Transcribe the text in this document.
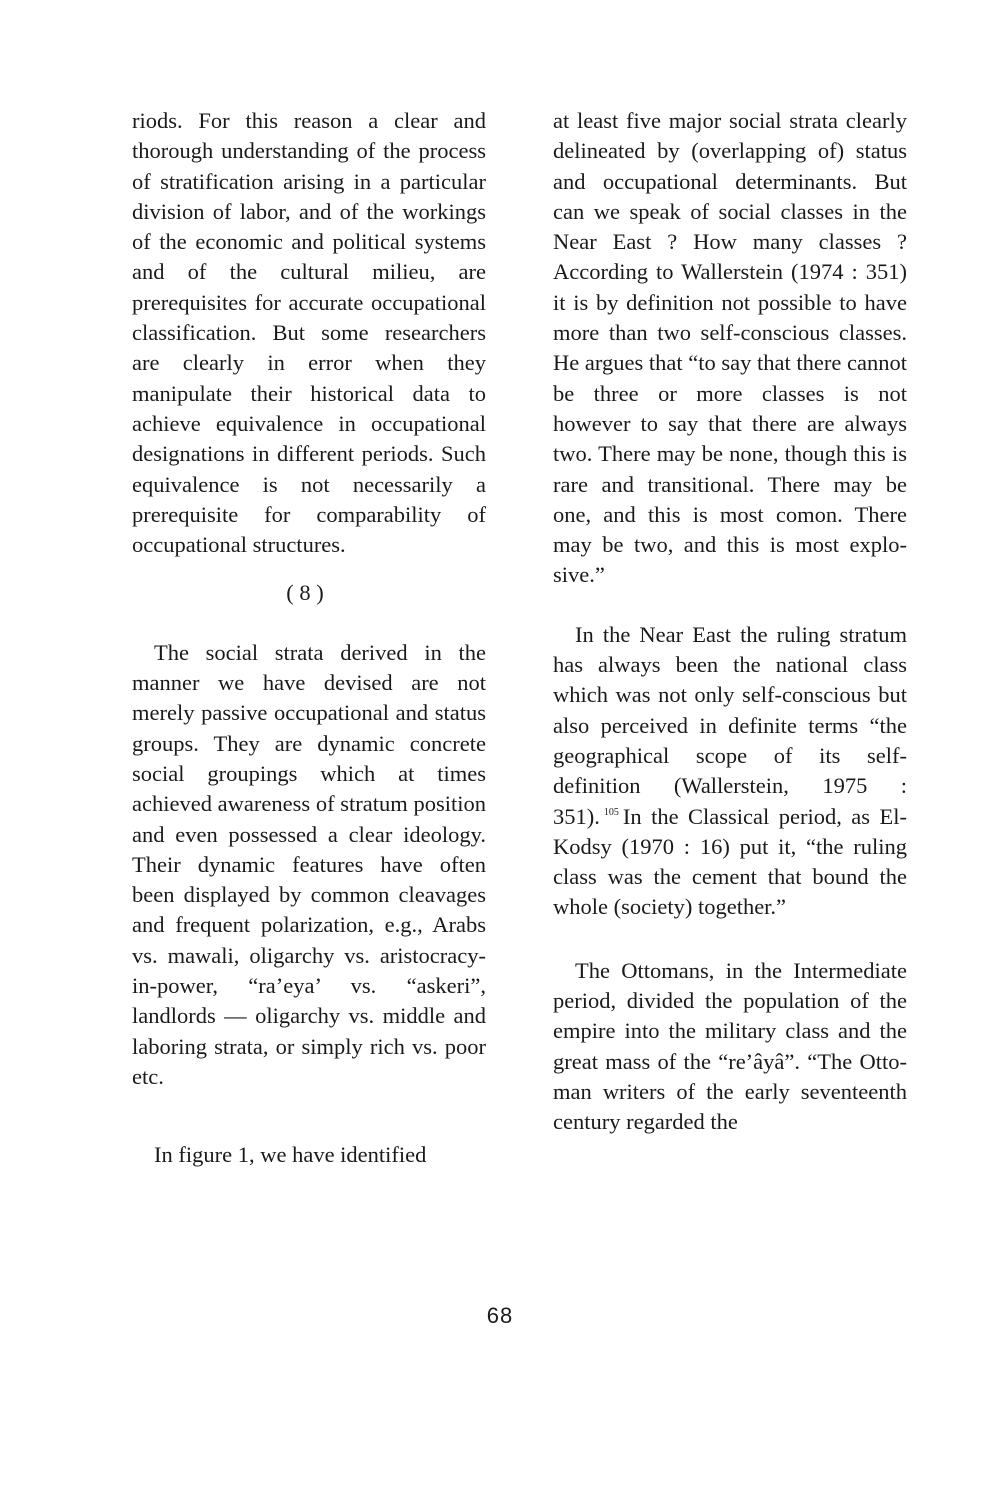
riods. For this reason a clear and thorough understanding of the process of stratification arising in a particular division of labor, and of the workings of the economic and political systems and of the cultural milieu, are prerequisites for accurate occupational classification. But some researchers are clearly in error when they manipulate their historical data to achieve equivalence in occupational designations in different periods. Such equivalence is not necessarily a prerequisite for comparability of occupational structures.

( 8 )

The social strata derived in the manner we have devised are not merely passive occupational and status groups. They are dynamic concrete social groupings which at times achieved awareness of stratum position and even possessed a clear ideology. Their dynamic features have often been displayed by common cleavages and frequent polarization, e.g., Arabs vs. mawali, oligarchy vs. aristocracy-in-power, “ra’eya’ vs. “askeri”, landlords — oligarchy vs. middle and laboring strata, or simply rich vs. poor etc.

In figure 1, we have identified

at least five major social strata clearly delineated by (overlapping of) status and occupational determinants. But can we speak of social classes in the Near East ? How many classes ? According to Wallerstein (1974 : 351) it is by definition not possible to have more than two self-conscious classes. He argues that “to say that there cannot be three or more classes is not however to say that there are always two. There may be none, though this is rare and transitional. There may be one, and this is most comon. There may be two, and this is most explosive.”

In the Near East the ruling stratum has always been the national class which was not only self-conscious but also perceived in definite terms “the geographical scope of its self-definition (Wallerstein, 1975 : 351). $^{105}$ In the Classical period, as El-Kodsy (1970 : 16) put it, “the ruling class was the cement that bound the whole (society) together.”

The Ottomans, in the Intermediate period, divided the population of the empire into the military class and the great mass of the “re’âyâ”. “The Ottoman writers of the early seventeenth century regarded the

68
